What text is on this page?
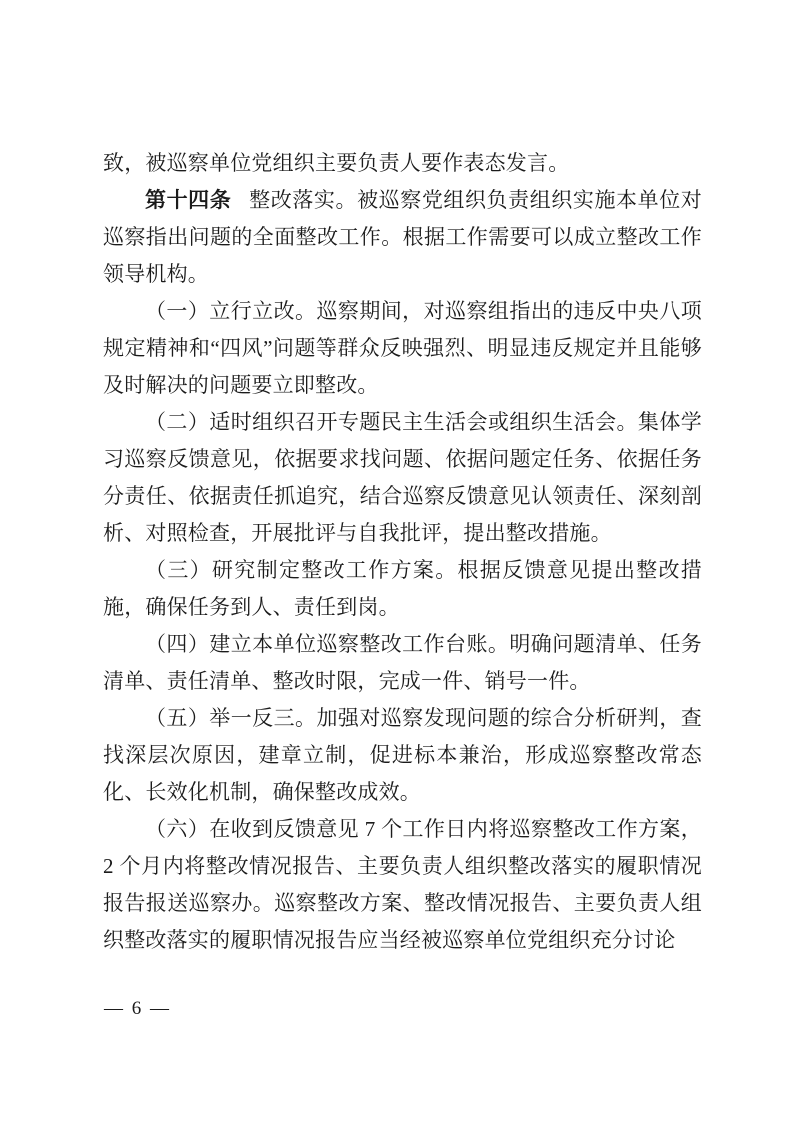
致，被巡察单位党组织主要负责人要作表态发言。

第十四条 整改落实。被巡察党组织负责组织实施本单位对巡察指出问题的全面整改工作。根据工作需要可以成立整改工作领导机构。

（一）立行立改。巡察期间，对巡察组指出的违反中央八项规定精神和“四风”问题等群众反映强烈、明显违反规定并且能够及时解决的问题要立即整改。

（二）适时组织召开专题民主生活会或组织生活会。集体学习巡察反馈意见，依据要求找问题、依据问题定任务、依据任务分责任、依据责任抓追究，结合巡察反馈意见认领责任、深刻剖析、对照检查，开展批评与自我批评，提出整改措施。

（三）研究制定整改工作方案。根据反馈意见提出整改措施，确保任务到人、责任到岗。

（四）建立本单位巡察整改工作台账。明确问题清单、任务清单、责任清单、整改时限，完成一件、销号一件。

（五）举一反三。加强对巡察发现问题的综合分析研判，查找深层次原因，建章立制，促进标本兼治，形成巡察整改常态化、长效化机制，确保整改成效。

（六）在收到反馈意见 7 个工作日内将巡察整改工作方案，2 个月内将整改情况报告、主要负责人组织整改落实的履职情况报告报送巡察办。巡察整改方案、整改情况报告、主要负责人组织整改落实的履职情况报告应当经被巡察单位党组织充分讨论

— 6 —
